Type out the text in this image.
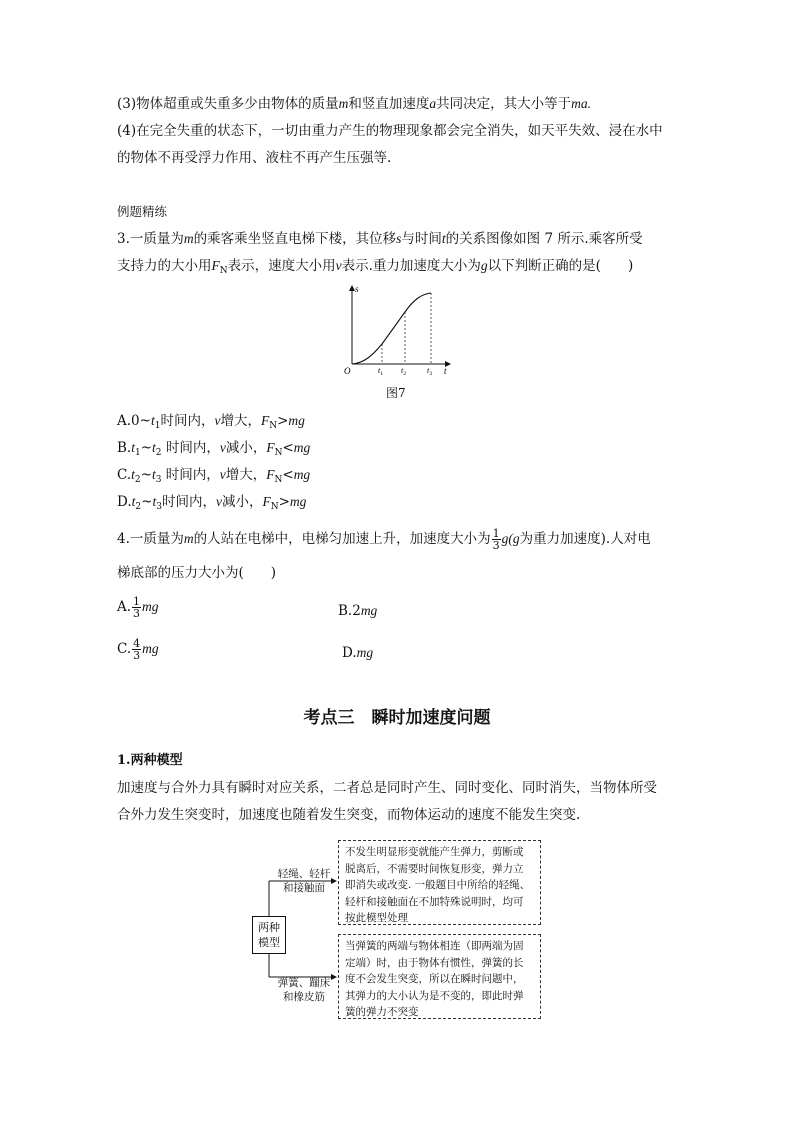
(3)物体超重或失重多少由物体的质量m和竖直加速度a共同决定，其大小等于ma.
(4)在完全失重的状态下，一切由重力产生的物理现象都会完全消失，如天平失效、浸在水中
的物体不再受浮力作用、液柱不再产生压强等.
例题精练
3.一质量为m的乘客乘坐竖直电梯下楼，其位移s与时间t的关系图像如图 7 所示.乘客所受
支持力的大小用$F_N$表示，速度大小用v表示.重力加速度大小为g以下判断正确的是(　　)
s
t
O	$t_1$ $t_2$	$t_3$
图7
$A.0\sim t_1$时间内，v增大，$F_N>mg$
$B.t_1\sim t_2$ 时间内，v减小，$F_N<mg$
$C.t_2\sim t_3$ 时间内，v增大，$F_N<mg$
$D.t_2\sim t_3$时间内，v减小，$F_N>mg$
4.一质量为m的人站在电梯中，电梯匀加速上升，加速度大小为 $\frac{1}{3} g(g$为重力加速度).人对电
梯底部的压力大小为(　　)
A. $\frac{1}{3}$ mg	B.2mg
C. $\frac{4}{3}$ mg	D.mg
考点三　瞬时加速度问题
1.两种模型
加速度与合外力具有瞬时对应关系，二者总是同时产生、同时变化、同时消失，当物体所受
合外力发生突变时，加速度也随着发生突变，而物体运动的速度不能发生突变.
两种
模型
轻绳、轻杆
和接触面
弹簧、蹦床
和橡皮筋
不发生明显形变就能产生弹力，剪断或
脱离后，不需要时间恢复形变，弹力立
即消失或改变. 一般题目中所给的轻绳、
轻杆和接触面在不加特殊说明时，均可
按此模型处理
当弹簧的两端与物体相连（即两端为固
定端）时，由于物体有惯性，弹簧的长
度不会发生突变，所以在瞬时问题中，
其弹力的大小认为是不变的，即此时弹
簧的弹力不突变
